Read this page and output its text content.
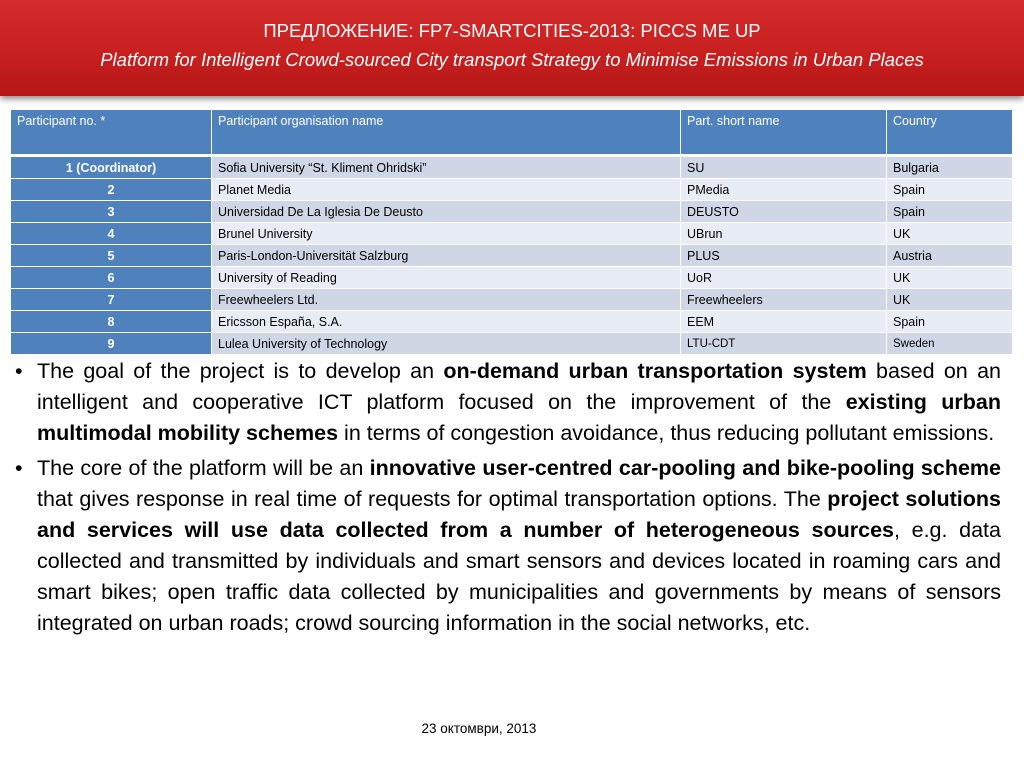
ПРЕДЛОЖЕНИЕ: FP7-SMARTCITIES-2013: PICCS ME UP
Platform for Intelligent Crowd-sourced City transport Strategy to Minimise Emissions in Urban Places
Participant no. *	Participant organisation name	Part. short name	Country
1 (Coordinator)	Sofia University “St. Kliment Ohridski”	SU	Bulgaria
2	Planet Media	PMedia	Spain
3	Universidad De La Iglesia De Deusto	DEUSTO	Spain
4	Brunel University	UBrun	UK
5	Paris-London-Universität Salzburg	PLUS	Austria
6	University of Reading	UoR	UK
7	Freewheelers Ltd.	Freewheelers	UK
8	Ericsson España, S.A.	EEM	Spain
9	Lulea University of Technology	LTU-CDT	Sweden
• The goal of the project is to develop an on-demand urban transportation system based on an intelligent and cooperative ICT platform focused on the improvement of the existing urban multimodal mobility schemes in terms of congestion avoidance, thus reducing pollutant emissions.
• The core of the platform will be an innovative user-centred car-pooling and bike-pooling scheme that gives response in real time of requests for optimal transportation options. The project solutions and services will use data collected from a number of heterogeneous sources, e.g. data collected and transmitted by individuals and smart sensors and devices located in roaming cars and smart bikes; open traffic data collected by municipalities and governments by means of sensors integrated on urban roads; crowd sourcing information in the social networks, etc.
23 октомври, 2013
